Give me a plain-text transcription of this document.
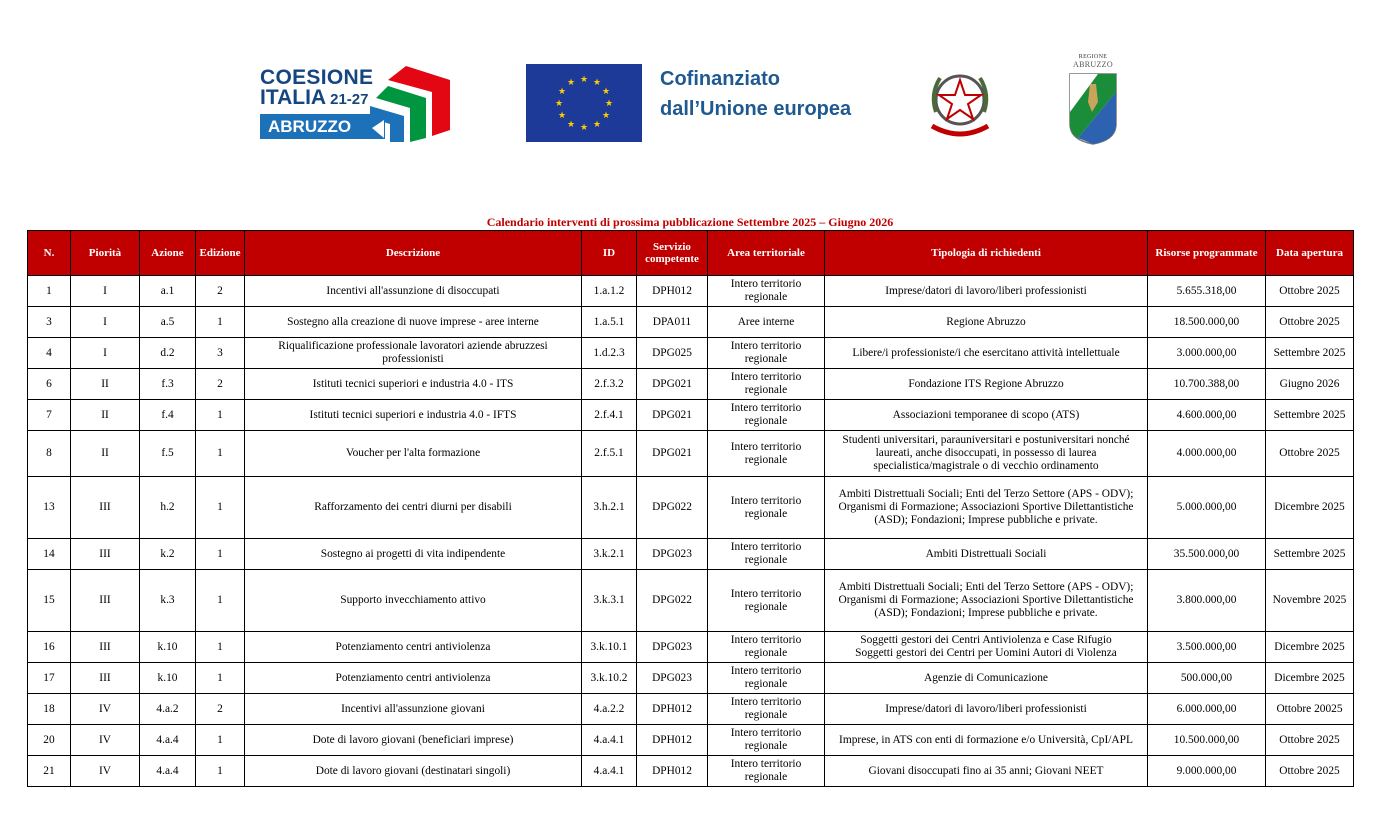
COESIONE
ITALIA 21-27
ABRUZZO
★ ★
★
★
★
★
★
★
★
★
★
★	Cofinanziato
dall’Unione europea
REGIONE
ABRUZZO
Calendario interventi di prossima pubblicazione Settembre 2025 – Giugno 2026
N.	Piorità	Azione	Edizione	Descrizione	ID	Servizio competente	Area territoriale	Tipologia di richiedenti	Risorse programmate	Data apertura
1	I	a.1	2	Incentivi all'assunzione di disoccupati	1.a.1.2	DPH012	Intero territorio regionale	Imprese/datori di lavoro/liberi professionisti	5.655.318,00	Ottobre 2025
3	I	a.5	1	Sostegno alla creazione di nuove imprese - aree interne	1.a.5.1	DPA011	Aree interne	Regione Abruzzo	18.500.000,00	Ottobre 2025
4	I	d.2	3	Riqualificazione professionale lavoratori aziende abruzzesi professionisti	1.d.2.3	DPG025	Intero territorio regionale	Libere/i professioniste/i che esercitano attività intellettuale	3.000.000,00	Settembre 2025
6	II	f.3	2	Istituti tecnici superiori e industria 4.0 - ITS	2.f.3.2	DPG021	Intero territorio regionale	Fondazione ITS Regione Abruzzo	10.700.388,00	Giugno 2026
7	II	f.4	1	Istituti tecnici superiori e industria 4.0 - IFTS	2.f.4.1	DPG021	Intero territorio regionale	Associazioni temporanee di scopo (ATS)	4.600.000,00	Settembre 2025
8	II	f.5	1	Voucher per l'alta formazione	2.f.5.1	DPG021	Intero territorio regionale	Studenti universitari, parauniversitari e postuniversitari nonché laureati, anche disoccupati, in possesso di laurea specialistica/magistrale o di vecchio ordinamento	4.000.000,00	Ottobre 2025
13	III	h.2	1	Rafforzamento dei centri diurni per disabili	3.h.2.1	DPG022	Intero territorio regionale	Ambiti Distrettuali Sociali; Enti del Terzo Settore (APS - ODV); Organismi di Formazione; Associazioni Sportive Dilettantistiche (ASD); Fondazioni; Imprese pubbliche e private.	5.000.000,00	Dicembre 2025
14	III	k.2	1	Sostegno ai progetti di vita indipendente	3.k.2.1	DPG023	Intero territorio regionale	Ambiti Distrettuali Sociali	35.500.000,00	Settembre 2025
15	III	k.3	1	Supporto invecchiamento attivo	3.k.3.1	DPG022	Intero territorio regionale	Ambiti Distrettuali Sociali; Enti del Terzo Settore (APS - ODV); Organismi di Formazione; Associazioni Sportive Dilettantistiche (ASD); Fondazioni; Imprese pubbliche e private.	3.800.000,00	Novembre 2025
16	III	k.10	1	Potenziamento centri antiviolenza	3.k.10.1	DPG023	Intero territorio regionale	Soggetti gestori dei Centri Antiviolenza e Case Rifugio
Soggetti gestori dei Centri per Uomini Autori di Violenza	3.500.000,00	Dicembre 2025
17	III	k.10	1	Potenziamento centri antiviolenza	3.k.10.2	DPG023	Intero territorio regionale	Agenzie di Comunicazione	500.000,00	Dicembre 2025
18	IV	4.a.2	2	Incentivi all'assunzione giovani	4.a.2.2	DPH012	Intero territorio regionale	Imprese/datori di lavoro/liberi professionisti	6.000.000,00	Ottobre 20025
20	IV	4.a.4	1	Dote di lavoro giovani (beneficiari imprese)	4.a.4.1	DPH012	Intero territorio regionale	Imprese, in ATS con enti di formazione e/o Università, CpI/APL	10.500.000,00	Ottobre 2025
21	IV	4.a.4	1	Dote di lavoro giovani (destinatari singoli)	4.a.4.1	DPH012	Intero territorio regionale	Giovani disoccupati fino ai 35 anni; Giovani NEET	9.000.000,00	Ottobre 2025
